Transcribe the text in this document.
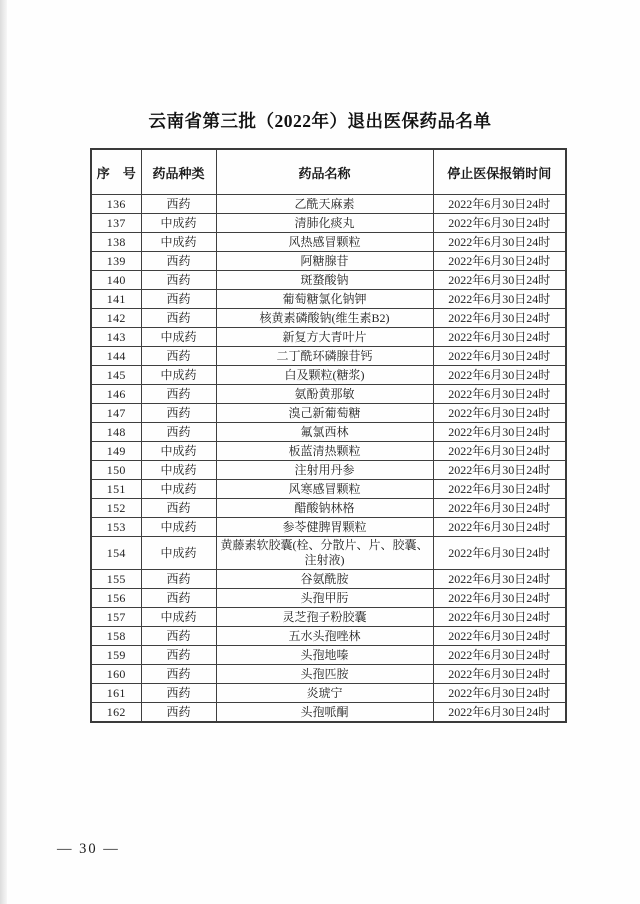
云南省第三批（2022年）退出医保药品名单
序　号	药品种类	药品名称	停止医保报销时间
136	西药	乙酰天麻素	2022年6月30日24时
137	中成药	清肺化痰丸	2022年6月30日24时
138	中成药	风热感冒颗粒	2022年6月30日24时
139	西药	阿糖腺苷	2022年6月30日24时
140	西药	斑蝥酸钠	2022年6月30日24时
141	西药	葡萄糖氯化钠钾	2022年6月30日24时
142	西药	核黄素磷酸钠(维生素B2)	2022年6月30日24时
143	中成药	新复方大青叶片	2022年6月30日24时
144	西药	二丁酰环磷腺苷钙	2022年6月30日24时
145	中成药	白及颗粒(糖浆)	2022年6月30日24时
146	西药	氨酚黄那敏	2022年6月30日24时
147	西药	溴己新葡萄糖	2022年6月30日24时
148	西药	氟氯西林	2022年6月30日24时
149	中成药	板蓝清热颗粒	2022年6月30日24时
150	中成药	注射用丹参	2022年6月30日24时
151	中成药	风寒感冒颗粒	2022年6月30日24时
152	西药	醋酸钠林格	2022年6月30日24时
153	中成药	参苓健脾胃颗粒	2022年6月30日24时
154	中成药	黄藤素软胶囊(栓、分散片、片、胶囊、注射液)	2022年6月30日24时
155	西药	谷氨酰胺	2022年6月30日24时
156	西药	头孢甲肟	2022年6月30日24时
157	中成药	灵芝孢子粉胶囊	2022年6月30日24时
158	西药	五水头孢唑林	2022年6月30日24时
159	西药	头孢地嗪	2022年6月30日24时
160	西药	头孢匹胺	2022年6月30日24时
161	西药	炎琥宁	2022年6月30日24时
162	西药	头孢哌酮	2022年6月30日24时
— 30 —
